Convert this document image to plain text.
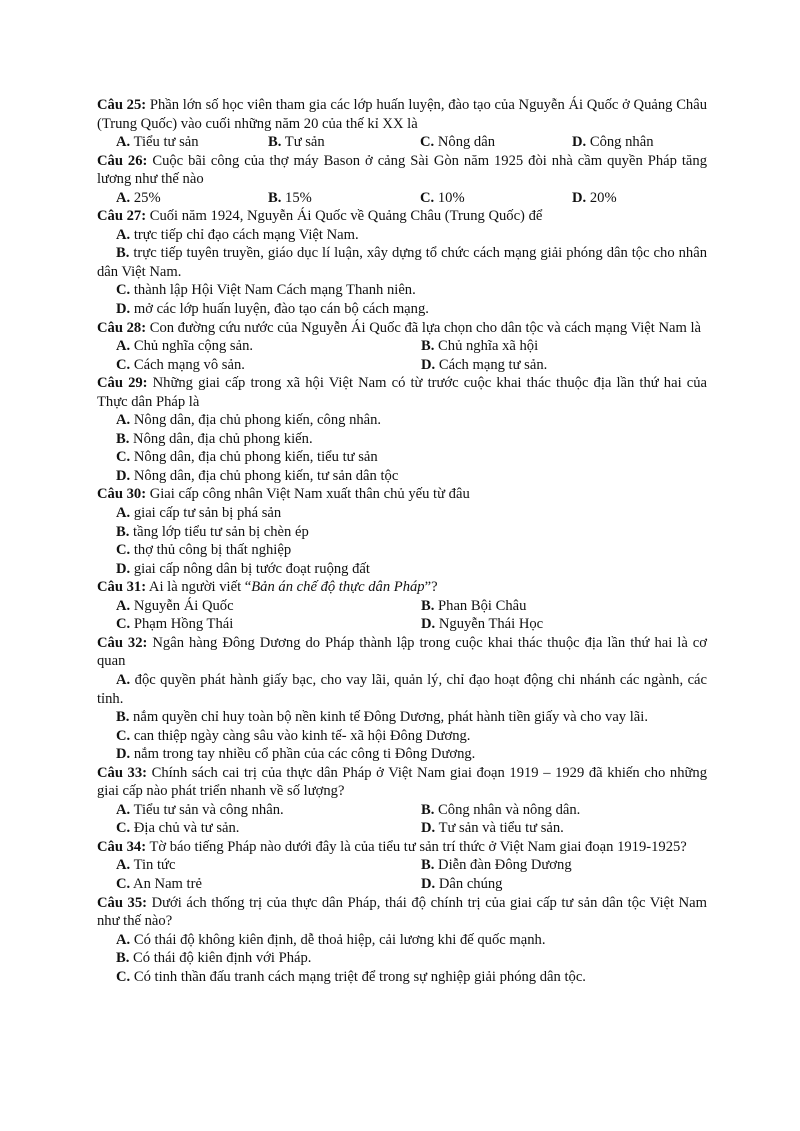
Câu 25: Phần lớn số học viên tham gia các lớp huấn luyện, đào tạo của Nguyễn Ái Quốc ở Quảng Châu (Trung Quốc) vào cuối những năm 20 của thế kỉ XX là
A. Tiểu tư sản	B. Tư sản	C. Nông dân	D. Công nhân
Câu 26: Cuộc bãi công của thợ máy Bason ở cảng Sài Gòn năm 1925 đòi nhà cầm quyền Pháp tăng lương như thế nào
A. 25%	B. 15%	C. 10%	D. 20%
Câu 27: Cuối năm 1924, Nguyễn Ái Quốc về Quảng Châu (Trung Quốc) để
A. trực tiếp chỉ đạo cách mạng Việt Nam.
B. trực tiếp tuyên truyền, giáo dục lí luận, xây dựng tổ chức cách mạng giải phóng dân tộc cho nhân dân Việt Nam.
C. thành lập Hội Việt Nam Cách mạng Thanh niên.
D. mở các lớp huấn luyện, đào tạo cán bộ cách mạng.
Câu 28: Con đường cứu nước của Nguyễn Ái Quốc đã lựa chọn cho dân tộc và cách mạng Việt Nam là
A. Chủ nghĩa cộng sản.	B. Chủ nghĩa xã hội
C. Cách mạng vô sản.	D. Cách mạng tư sản.
Câu 29: Những giai cấp trong xã hội Việt Nam có từ trước cuộc khai thác thuộc địa lần thứ hai của Thực dân Pháp là
A. Nông dân, địa chủ phong kiến, công nhân.
B. Nông dân, địa chủ phong kiến.
C. Nông dân, địa chủ phong kiến, tiểu tư sản
D. Nông dân, địa chủ phong kiến, tư sản dân tộc
Câu 30: Giai cấp công nhân Việt Nam xuất thân chủ yếu từ đâu
A. giai cấp tư sản bị phá sản
B. tầng lớp tiểu tư sản bị chèn ép
C. thợ thủ công bị thất nghiệp
D. giai cấp nông dân bị tước đoạt ruộng đất
Câu 31: Ai là người viết “Bản án chế độ thực dân Pháp”?
A. Nguyễn Ái Quốc	B. Phan Bội Châu
C. Phạm Hồng Thái	D. Nguyễn Thái Học
Câu 32: Ngân hàng Đông Dương do Pháp thành lập trong cuộc khai thác thuộc địa lần thứ hai là cơ quan
A. độc quyền phát hành giấy bạc, cho vay lãi, quản lý, chỉ đạo hoạt động chi nhánh các ngành, các tỉnh.
B. nắm quyền chỉ huy toàn bộ nền kinh tế Đông Dương, phát hành tiền giấy và cho vay lãi.
C. can thiệp ngày càng sâu vào kinh tế- xã hội Đông Dương.
D. nắm trong tay nhiều cổ phần của các công ti Đông Dương.
Câu 33: Chính sách cai trị của thực dân Pháp ở Việt Nam giai đoạn 1919 – 1929 đã khiến cho những giai cấp nào phát triển nhanh về số lượng?
A. Tiểu tư sản và công nhân.	B. Công nhân và nông dân.
C. Địa chủ và tư sản.	D. Tư sản và tiểu tư sản.
Câu 34: Tờ báo tiếng Pháp nào dưới đây là của tiểu tư sản trí thức ở Việt Nam giai đoạn 1919-1925?
A. Tin tức	B. Diễn đàn Đông Dương
C. An Nam trẻ	D. Dân chúng
Câu 35: Dưới ách thống trị của thực dân Pháp, thái độ chính trị của giai cấp tư sản dân tộc Việt Nam như thế nào?
A. Có thái độ không kiên định, dễ thoả hiệp, cải lương khi đế quốc mạnh.
B. Có thái độ kiên định với Pháp.
C. Có tinh thần đấu tranh cách mạng triệt để trong sự nghiệp giải phóng dân tộc.
